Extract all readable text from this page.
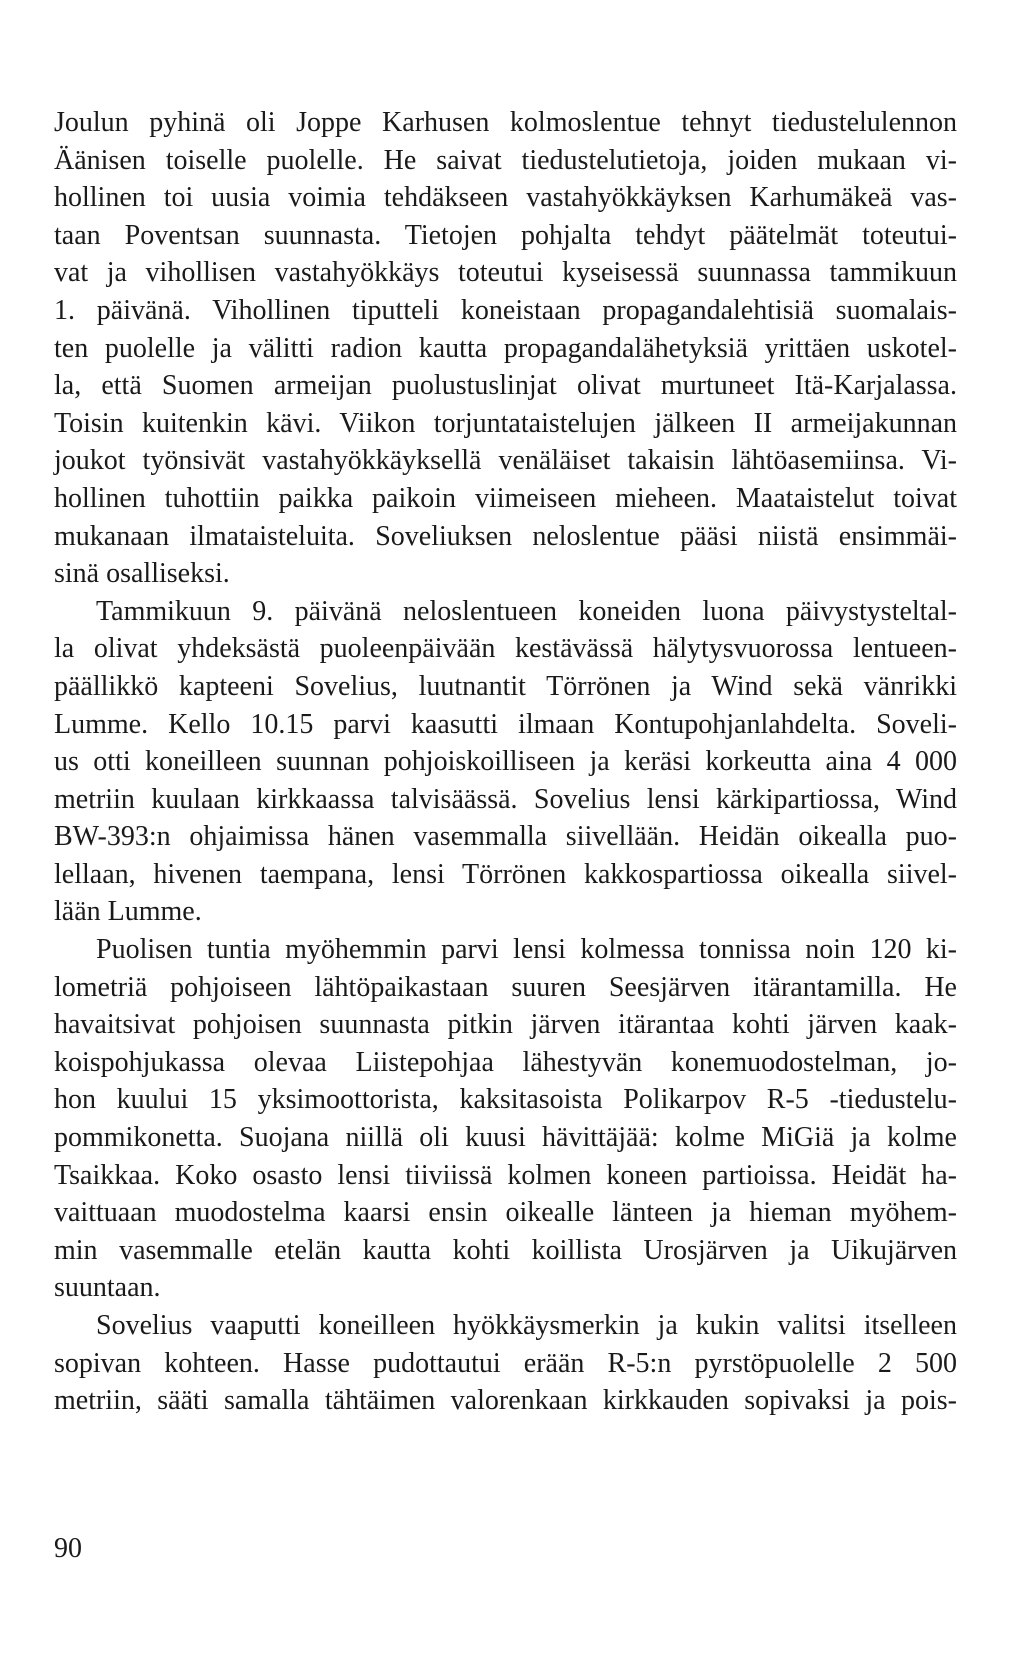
Joulun pyhinä oli Joppe Karhusen kolmoslentue tehnyt tiedustelulennon
Äänisen toiselle puolelle. He saivat tiedustelutietoja, joiden mukaan vi-
hollinen toi uusia voimia tehdäkseen vastahyökkäyksen Karhumäkeä vas-
taan Poventsan suunnasta. Tietojen pohjalta tehdyt päätelmät toteutui-
vat ja vihollisen vastahyökkäys toteutui kyseisessä suunnassa tammikuun
1. päivänä. Vihollinen tiputteli koneistaan propagandalehtisiä suomalais-
ten puolelle ja välitti radion kautta propagandalähetyksiä yrittäen uskotel-
la, että Suomen armeijan puolustuslinjat olivat murtuneet Itä-Karjalassa.
Toisin kuitenkin kävi. Viikon torjuntataistelujen jälkeen II armeijakunnan
joukot työnsivät vastahyökkäyksellä venäläiset takaisin lähtöasemiinsa. Vi-
hollinen tuhottiin paikka paikoin viimeiseen mieheen. Maataistelut toivat
mukanaan ilmataisteluita. Soveliuksen neloslentue pääsi niistä ensimmäi-
sinä osalliseksi.
Tammikuun 9. päivänä neloslentueen koneiden luona päivystysteltal-
la olivat yhdeksästä puoleenpäivään kestävässä hälytysvuorossa lentueen-
päällikkö kapteeni Sovelius, luutnantit Törrönen ja Wind sekä vänrikki
Lumme. Kello 10.15 parvi kaasutti ilmaan Kontupohjanlahdelta. Soveli-
us otti koneilleen suunnan pohjoiskoilliseen ja keräsi korkeutta aina 4 000
metriin kuulaan kirkkaassa talvisäässä. Sovelius lensi kärkipartiossa, Wind
BW-393:n ohjaimissa hänen vasemmalla siivellään. Heidän oikealla puo-
lellaan, hivenen taempana, lensi Törrönen kakkospartiossa oikealla siivel-
lään Lumme.
Puolisen tuntia myöhemmin parvi lensi kolmessa tonnissa noin 120 ki-
lometriä pohjoiseen lähtöpaikastaan suuren Seesjärven itärantamilla. He
havaitsivat pohjoisen suunnasta pitkin järven itärantaa kohti järven kaak-
koispohjukassa olevaa Liistepohjaa lähestyvän konemuodostelman, jo-
hon kuului 15 yksimoottorista, kaksitasoista Polikarpov R-5 -tiedustelu-
pommikonetta. Suojana niillä oli kuusi hävittäjää: kolme MiGiä ja kolme
Tsaikkaa. Koko osasto lensi tiiviissä kolmen koneen partioissa. Heidät ha-
vaittuaan muodostelma kaarsi ensin oikealle länteen ja hieman myöhem-
min vasemmalle etelän kautta kohti koillista Urosjärven ja Uikujärven
suuntaan.
Sovelius vaaputti koneilleen hyökkäysmerkin ja kukin valitsi itselleen
sopivan kohteen. Hasse pudottautui erään R-5:n pyrstöpuolelle 2 500
metriin, sääti samalla tähtäimen valorenkaan kirkkauden sopivaksi ja pois-
90
